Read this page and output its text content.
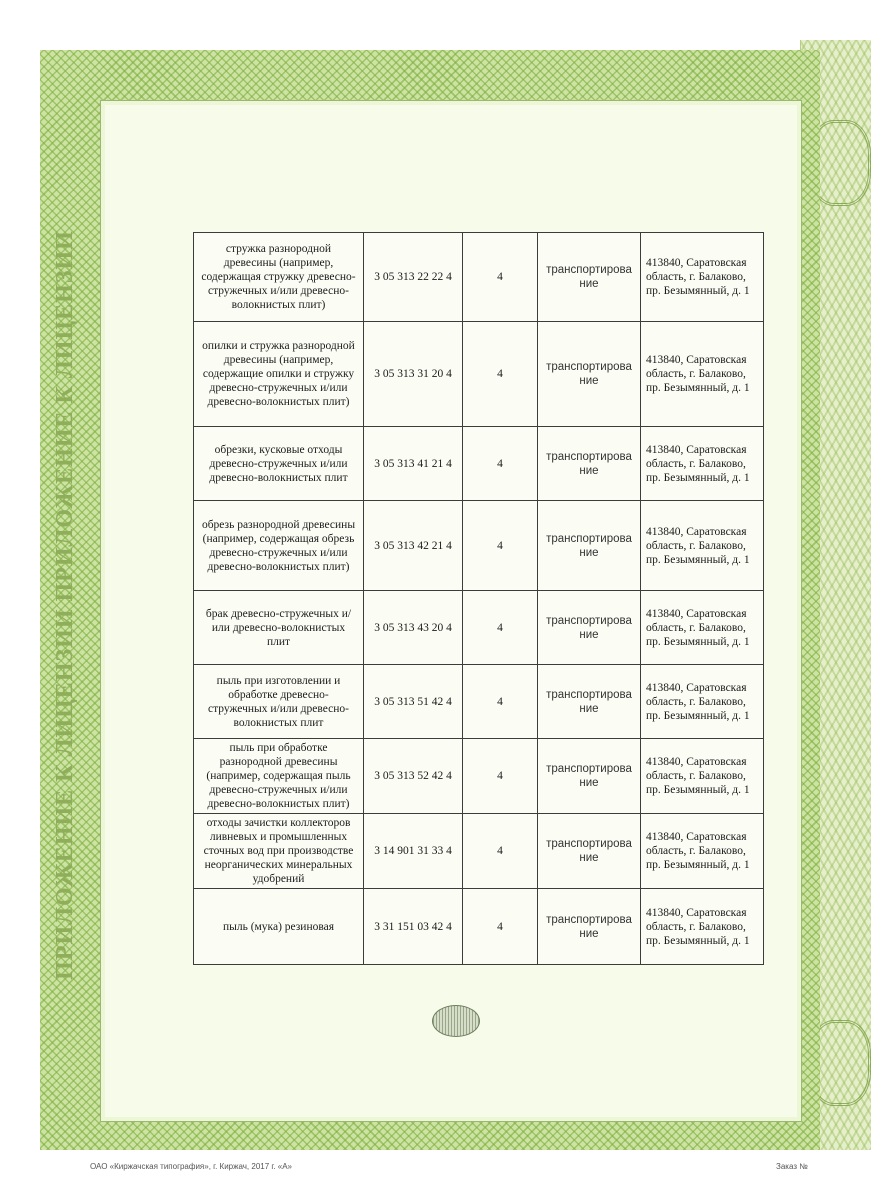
ПРИЛОЖЕНИЕ К ЛИЦЕНЗИИ ПРИЛОЖЕНИЕ К ЛИЦЕНЗИИ	стружка разнородной древесины (например, содержащая стружку древесно-стружечных и/или древесно-волокнистых плит)	3 05 313 22 22 4	4	транспортирова ние	413840, Саратовская область, г. Балаково, пр. Безымянный, д. 1
опилки и стружка разнородной древесины (например, содержащие опилки и стружку древесно-стружечных и/или древесно-волокнистых плит)	3 05 313 31 20 4	4	транспортирова ние	413840, Саратовская область, г. Балаково, пр. Безымянный, д. 1
обрезки, кусковые отходы древесно-стружечных и/или древесно-волокнистых плит	3 05 313 41 21 4	4	транспортирова ние	413840, Саратовская область, г. Балаково, пр. Безымянный, д. 1
обрезь разнородной древесины (например, содержащая обрезь древесно-стружечных и/или древесно-волокнистых плит)	3 05 313 42 21 4	4	транспортирова ние	413840, Саратовская область, г. Балаково, пр. Безымянный, д. 1
брак древесно-стружечных и/или древесно-волокнистых плит	3 05 313 43 20 4	4	транспортирова ние	413840, Саратовская область, г. Балаково, пр. Безымянный, д. 1
пыль при изготовлении и обработке древесно-стружечных и/или древесно-волокнистых плит	3 05 313 51 42 4	4	транспортирова ние	413840, Саратовская область, г. Балаково, пр. Безымянный, д. 1
пыль при обработке разнородной древесины (например, содержащая пыль древесно-стружечных и/или древесно-волокнистых плит)	3 05 313 52 42 4	4	транспортирова ние	413840, Саратовская область, г. Балаково, пр. Безымянный, д. 1
отходы зачистки коллекторов ливневых и промышленных сточных вод при производстве неорганических минеральных удобрений	3 14 901 31 33 4	4	транспортирова ние	413840, Саратовская область, г. Балаково, пр. Безымянный, д. 1
пыль (мука) резиновая	3 31 151 03 42 4	4	транспортирова ние	413840, Саратовская область, г. Балаково, пр. Безымянный, д. 1
ОАО «Киржачская типография», г. Киржач, 2017 г. «А»	Заказ №
